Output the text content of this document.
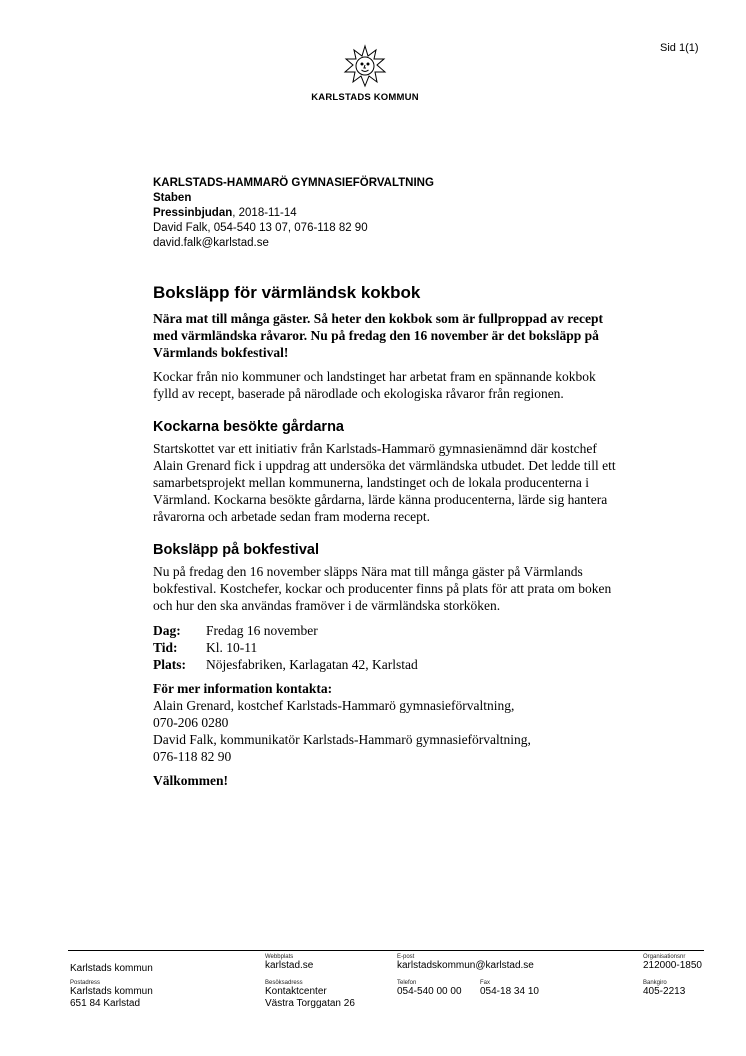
Sid 1(1)
KARLSTADS KOMMUN
KARLSTADS-HAMMARÖ GYMNASIEFÖRVALTNING
Staben
Pressinbjudan, 2018-11-14
David Falk, 054-540 13 07, 076-118 82 90
david.falk@karlstad.se
Boksläpp för värmländsk kokbok

Nära mat till många gäster. Så heter den kokbok som är fullproppad av recept med värmländska råvaror. Nu på fredag den 16 november är det boksläpp på Värmlands bokfestival!

Kockar från nio kommuner och landstinget har arbetat fram en spännande kokbok fylld av recept, baserade på närodlade och ekologiska råvaror från regionen.

Kockarna besökte gårdarna

Startskottet var ett initiativ från Karlstads-Hammarö gymnasienämnd där kostchef Alain Grenard fick i uppdrag att undersöka det värmländska utbudet. Det ledde till ett samarbetsprojekt mellan kommunerna, landstinget och de lokala producenterna i Värmland. Kockarna besökte gårdarna, lärde känna producenterna, lärde sig hantera råvarorna och arbetade sedan fram moderna recept.

Boksläpp på bokfestival

Nu på fredag den 16 november släpps Nära mat till många gäster på Värmlands bokfestival. Kostchefer, kockar och producenter finns på plats för att prata om boken och hur den ska användas framöver i de värmländska storköken.

Dag:	Fredag 16 november
Tid:	Kl. 10-11
Plats:	Nöjesfabriken, Karlagatan 42, Karlstad
För mer information kontakta:
Alain Grenard, kostchef Karlstads-Hammarö gymnasieförvaltning,
070-206 0280
David Falk, kommunikatör Karlstads-Hammarö gymnasieförvaltning,
076-118 82 90
Välkommen!
Karlstads kommun
Webbplats
karlstad.se
E-post
karlstadskommun@karlstad.se
Organisationsnr
212000-1850
Postadress
Karlstads kommun
651 84 Karlstad
Besöksadress
Kontaktcenter
Västra Torggatan 26
Telefon
054-540 00 00
Fax
054-18 34 10
Bankgiro
405-2213
